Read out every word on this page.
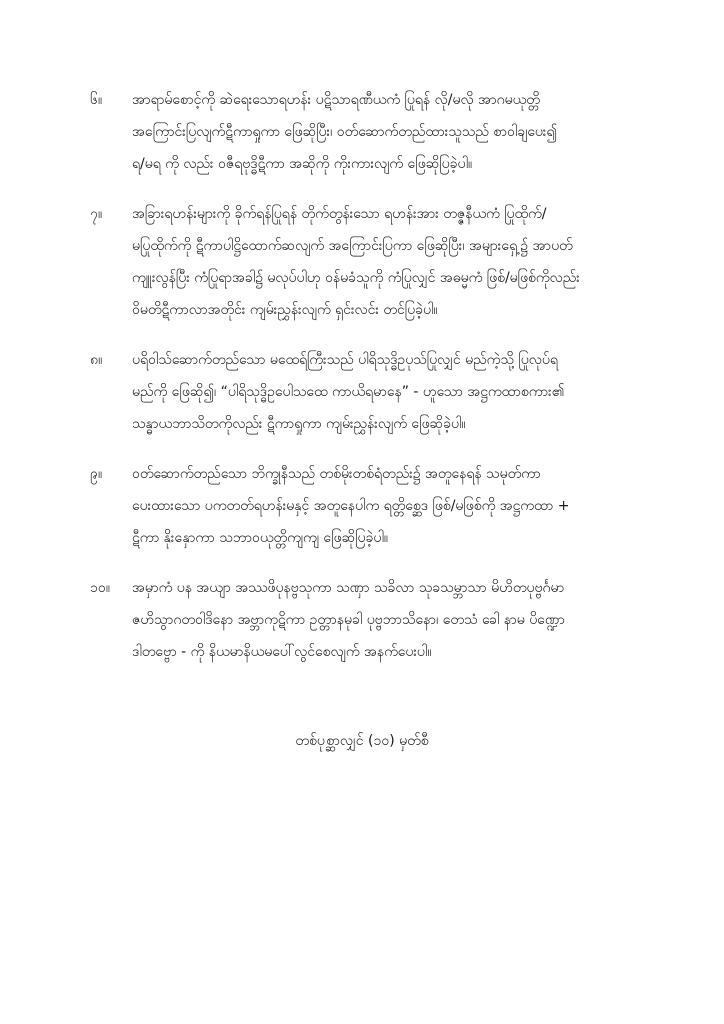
၆။	အာရာမ်စောင့်ကို ဆဲရေးသောရဟန်း ပဋိသာရဏီယကံ ပြုရန် လို/မလို အာဂမယုတ္တိ
အကြောင်းပြလျက်ဋီကာရှုကာ ဖြေဆိုပြီး၊ ဝတ်ဆောက်တည်ထားသူသည် စာဝါချပေး၍
ရ/မရ ကို လည်း ဝဇီရဗုဒ္ဓိဋီကာ အဆိုကို ကိုးကားလျက် ဖြေဆိုပြခဲ့ပါ။
၇။	အခြားရဟန်းများကို ခိုက်ရန်ပြုရန် တိုက်တွန်းသော ရဟန်းအား တဇ္ဇနီယကံ ပြုထိုက်/
မပြုထိုက်ကို ဋီကာပါဋ္ဌိထောက်ဆလျက် အကြောင်းပြကာ ဖြေဆိုပြီး၊ အများရှေ့၌ အာပတ်
ကျူးလွန်ပြီး ကံပြုရာအခါ၌ မလုပ်ပါဟု ဝန်မခံသူကို ကံပြုလျှင် အဓမ္မကံ ဖြစ်/မဖြစ်ကိုလည်း
ဝိမတိဋီကာလာအတိုင်း ကျမ်းညွှန်းလျက် ရှင်းလင်း တင်ပြခဲ့ပါ။
၈။	ပရိဝါသ်ဆောက်တည်သော မထေရ်ကြီးသည် ပါရိသုဒ္ဓိဥပုသ်ပြုလျှင် မည်ကဲ့သို့ ပြုလုပ်ရ
မည်ကို ဖြေဆို၍၊ “ပါရိသုဒ္ဓိဥပေါသထေ ကာယိရမာနေ” - ဟူသော အဋ္ဌကထာစကား၏
သန္ဓာယဘာသိတကိုလည်း ဋီကာရှုကာ ကျမ်းညွှန်းလျက် ဖြေဆိုခဲ့ပါ။
၉။	ဝတ်ဆောက်တည်သော ဘိက္ခုနီသည် တစ်မိုးတစ်ရံတည်း၌ အတူနေရန် သမုတ်ကာ
ပေးထားသော ပကတတ်ရဟန်းမနှင့် အတူနေပါက ရတ္တိစ္ဆေဒ ဖြစ်/မဖြစ်ကို အဋ္ဌကထာ +
ဋီကာ နိုးနှောကာ သဘာဝယုတ္တိကျကျ ဖြေဆိုပြခဲ့ပါ။
၁၀။	အမှာကံ ပန အယျာ အဿဖိပုနဗ္ဗသုကာ သဏှာ သခိလာ သုခသမ္ဘာသာ မိဟိတပုဗ္ဗင်္ဂမာ
ဇဟိသွာဂတဝါဒိနော အဗ္ဘာကုဋိကာ ဥတ္တာနမုခါ ပုဗ္ဗဘာသိနော၊ တေသံ ခေါ နာမ ပိဏ္ဍော
ဒါတဗ္ဗော - ကို နိယမာနိယမပေါ်လွင်စေလျက် အနက်ပေးပါ။
တစ်ပုစ္ဆာလျှင် (၁၀) မှတ်စီ
